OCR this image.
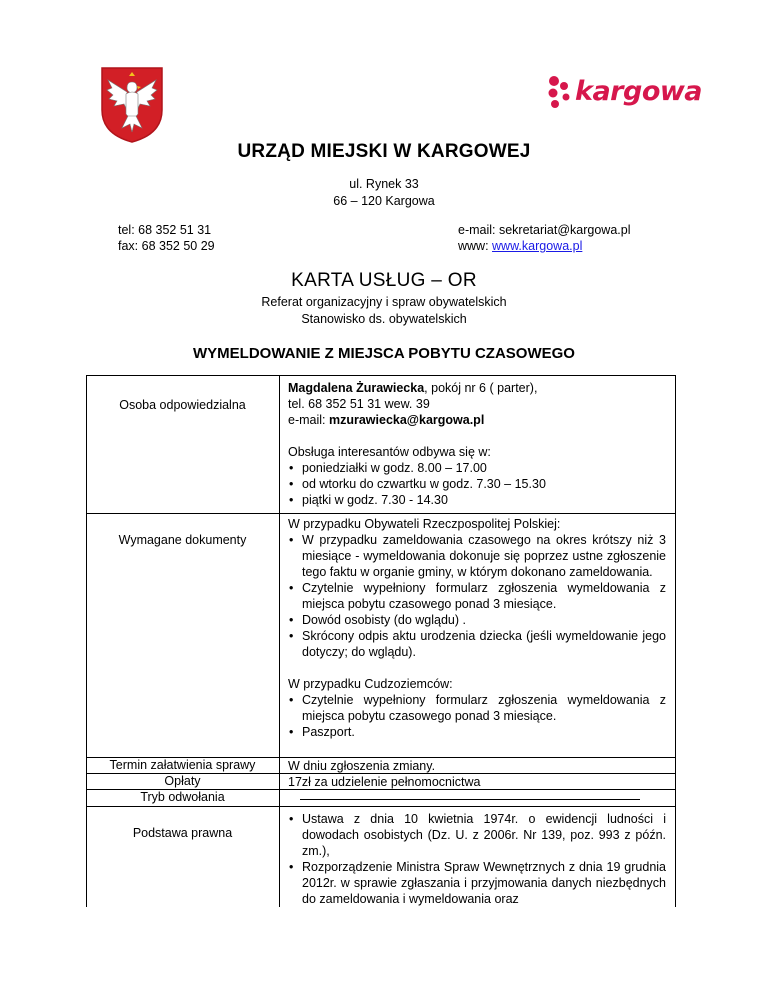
kargowa
URZĄD MIEJSKI W KARGOWEJ
ul. Rynek 33
66 – 120 Kargowa
tel: 68 352 51 31
fax: 68 352 50 29
e-mail: sekretariat@kargowa.pl
www: www.kargowa.pl
KARTA USŁUG – OR
Referat organizacyjny i spraw obywatelskich
Stanowisko ds. obywatelskich
WYMELDOWANIE Z MIEJSCA POBYTU CZASOWEGO
Osoba odpowiedzialna

Magdalena Żurawiecka, pokój nr 6 ( parter),

tel. 68 352 51 31 wew. 39

e-mail: mzurawiecka@kargowa.pl

Obsługa interesantów odbywa się w:

• poniedziałki w godz. 8.00 – 17.00
• od wtorku do czwartku w godz. 7.30 – 15.30
• piątki w godz. 7.30 - 14.30
Wymagane dokumenty

W przypadku Obywateli Rzeczpospolitej Polskiej:

• W przypadku zameldowania czasowego na okres krótszy niż 3 miesiące - wymeldowania dokonuje się poprzez ustne zgłoszenie tego faktu w organie gminy, w którym dokonano zameldowania.
• Czytelnie wypełniony formularz zgłoszenia wymeldowania z miejsca pobytu czasowego ponad 3 miesiące.
• Dowód osobisty (do wglądu) .
• Skrócony odpis aktu urodzenia dziecka (jeśli wymeldowanie jego dotyczy; do wglądu).

W przypadku Cudzoziemców:

• Czytelnie wypełniony formularz zgłoszenia wymeldowania z miejsca pobytu czasowego ponad 3 miesiące.
• Paszport.
Termin załatwienia sprawy	W dniu zgłoszenia zmiany.
Opłaty	17zł za udzielenie pełnomocnictwa
Tryb odwołania
Podstawa prawna
• Ustawa z dnia 10 kwietnia 1974r. o ewidencji ludności i dowodach osobistych (Dz. U. z 2006r. Nr 139, poz. 993 z późn. zm.),
• Rozporządzenie Ministra Spraw Wewnętrznych z dnia 19 grudnia 2012r. w sprawie zgłaszania i przyjmowania danych niezbędnych do zameldowania i wymeldowania oraz
